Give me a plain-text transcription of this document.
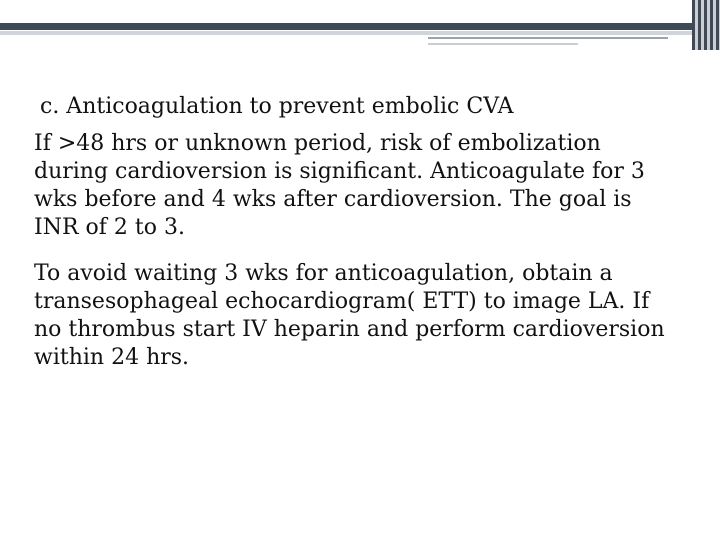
c. Anticoagulation to prevent embolic CVA

If >48 hrs or unknown period, risk of embolization during cardioversion is significant. Anticoagulate for 3 wks before and 4 wks after cardioversion. The goal is INR of 2 to 3.

To avoid waiting 3 wks for anticoagulation, obtain a transesophageal echocardiogram( ETT) to image LA. If no thrombus start IV heparin and perform cardioversion within 24 hrs.
